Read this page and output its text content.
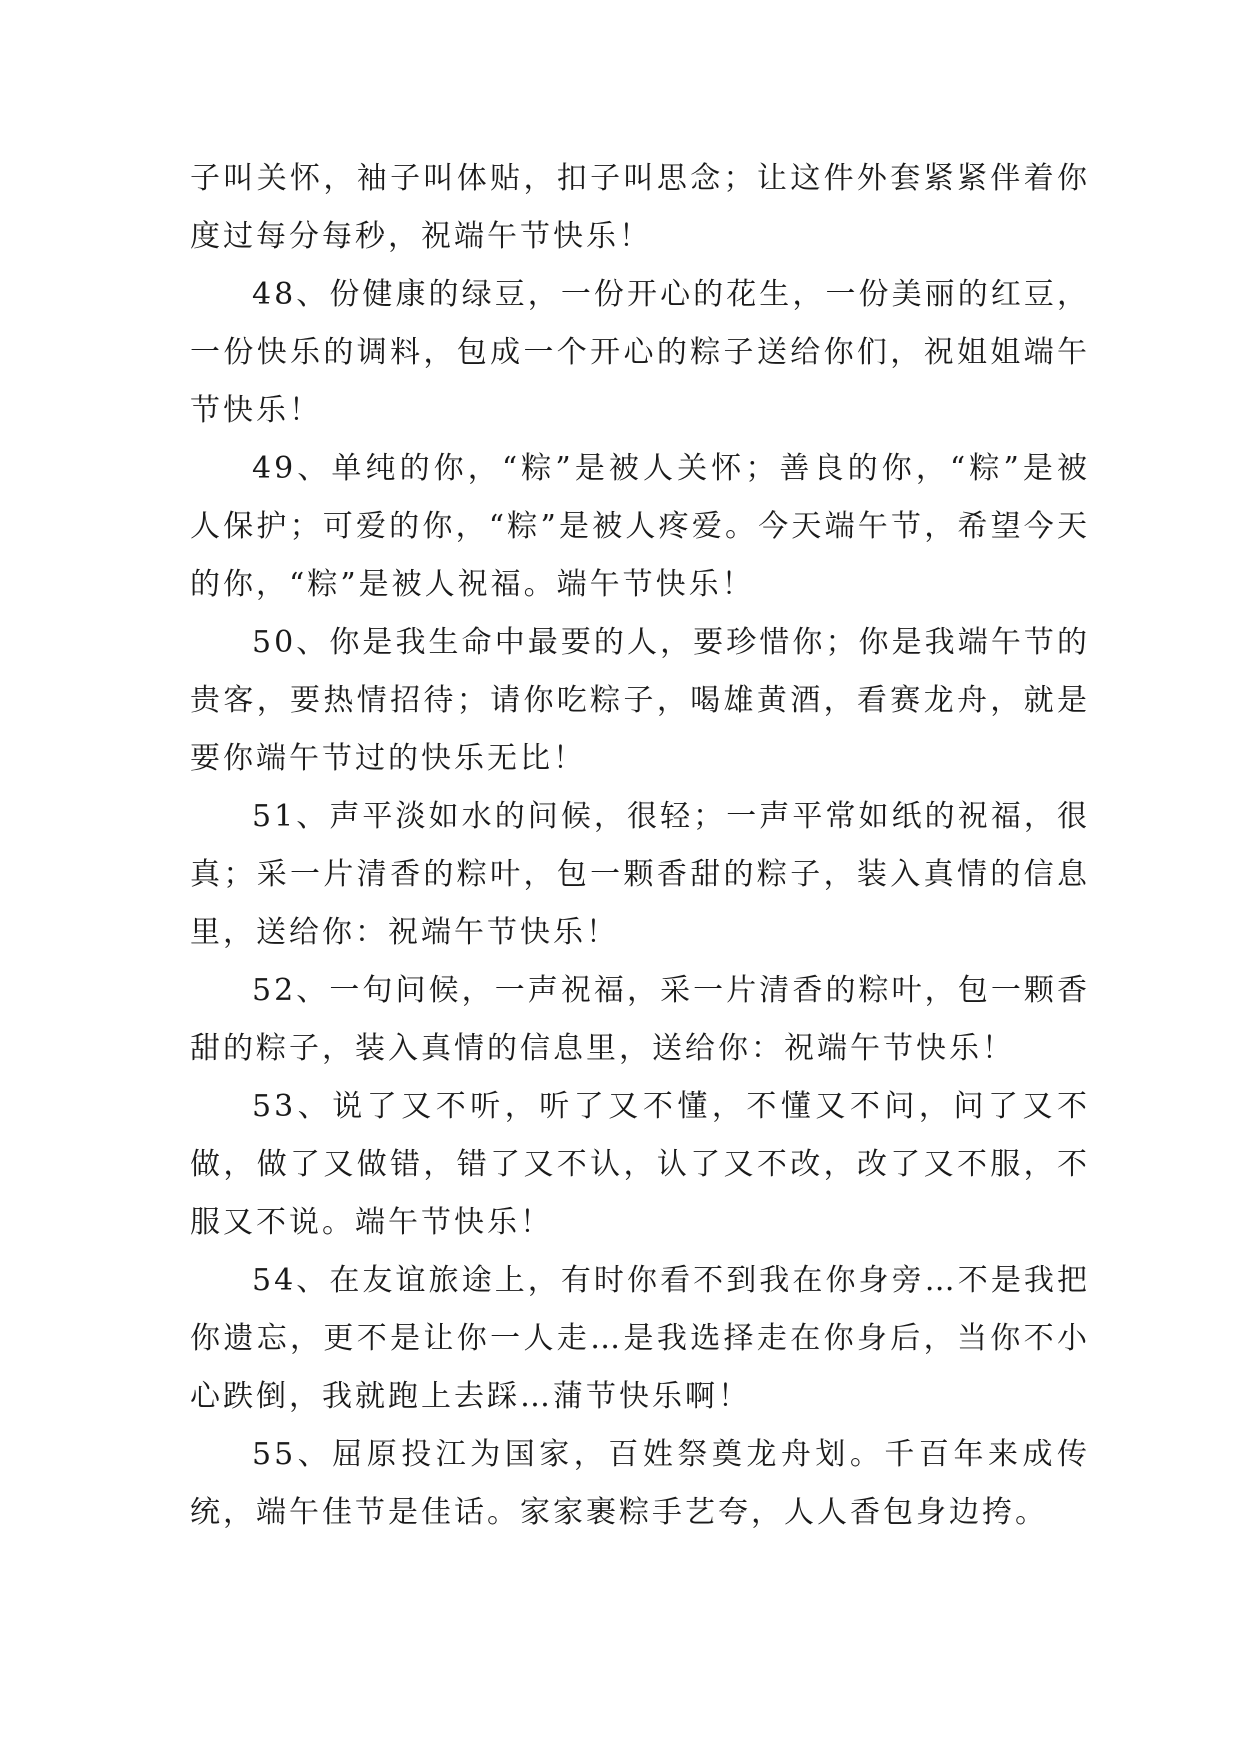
子叫关怀，袖子叫体贴，扣子叫思念；让这件外套紧紧伴着你度过每分每秒，祝端午节快乐！

48、份健康的绿豆，一份开心的花生，一份美丽的红豆，一份快乐的调料，包成一个开心的粽子送给你们，祝姐姐端午节快乐！

49、单纯的你，“粽”是被人关怀；善良的你，“粽”是被人保护；可爱的你，“粽”是被人疼爱。今天端午节，希望今天的你，“粽”是被人祝福。端午节快乐！

50、你是我生命中最要的人，要珍惜你；你是我端午节的贵客，要热情招待；请你吃粽子，喝雄黄酒，看赛龙舟，就是要你端午节过的快乐无比！

51、声平淡如水的问候，很轻；一声平常如纸的祝福，很真；采一片清香的粽叶，包一颗香甜的粽子，装入真情的信息里，送给你：祝端午节快乐！

52、一句问候，一声祝福，采一片清香的粽叶，包一颗香甜的粽子，装入真情的信息里，送给你：祝端午节快乐！

53、说了又不听，听了又不懂，不懂又不问，问了又不做，做了又做错，错了又不认，认了又不改，改了又不服，不服又不说。端午节快乐！

54、在友谊旅途上，有时你看不到我在你身旁…不是我把你遗忘，更不是让你一人走…是我选择走在你身后，当你不小心跌倒，我就跑上去踩…蒲节快乐啊！

55、屈原投江为国家，百姓祭奠龙舟划。千百年来成传统，端午佳节是佳话。家家裹粽手艺夸，人人香包身边挎。
